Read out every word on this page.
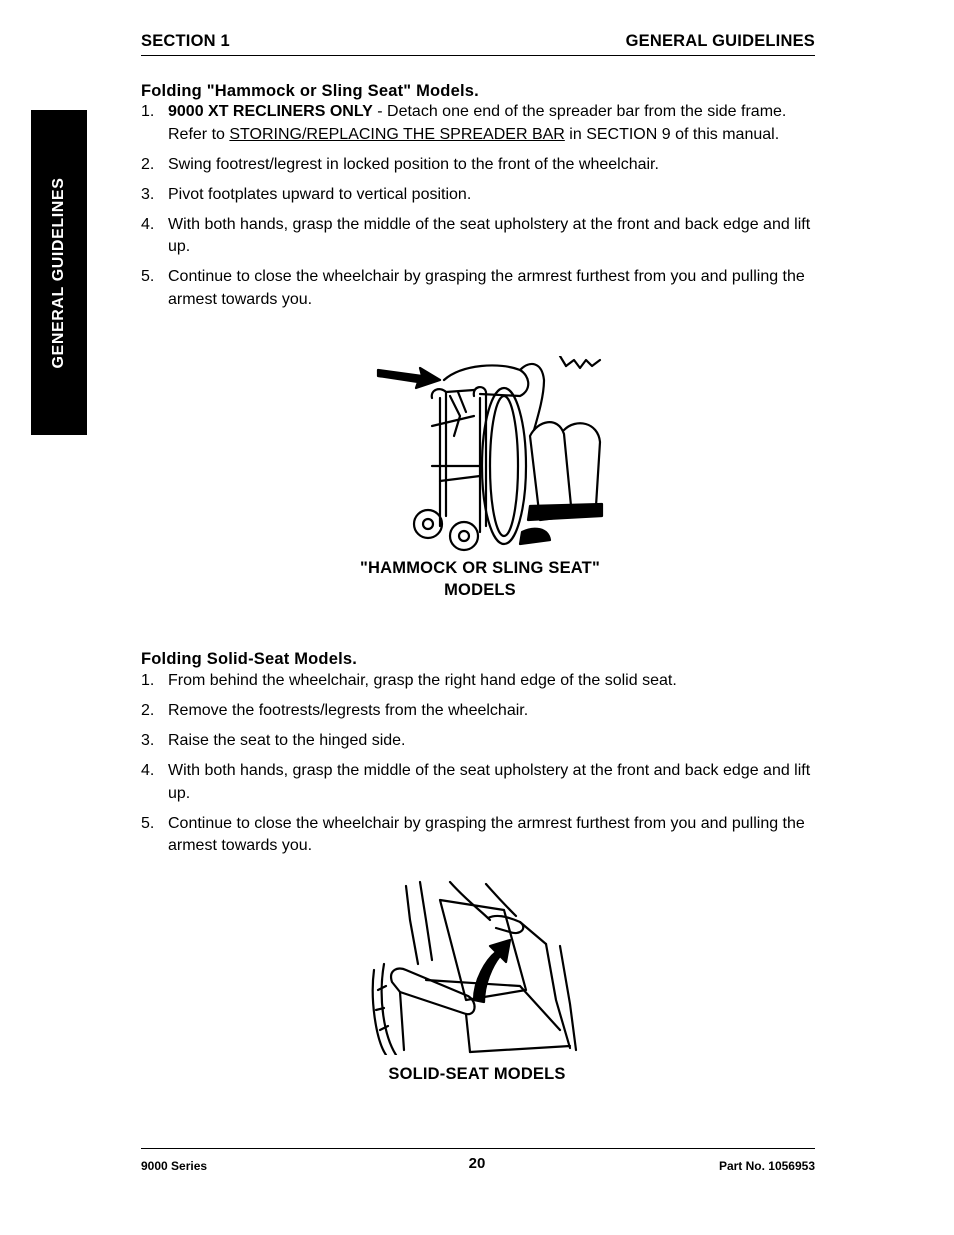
SECTION 1	GENERAL GUIDELINES
GENERAL GUIDELINES
Folding "Hammock or Sling Seat" Models.
1. 9000 XT RECLINERS ONLY - Detach one end of the spreader bar from the side frame. Refer to STORING/REPLACING THE SPREADER BAR in SECTION 9 of this manual.
2. Swing footrest/legrest in locked position to the front of the wheelchair.
3. Pivot footplates upward to vertical position.
4. With both hands, grasp the middle of the seat upholstery at the front and back edge and lift up.
5. Continue to close the wheelchair by grasping the armrest furthest from you and pulling the armest towards you.
"HAMMOCK OR SLING SEAT"
MODELS
Folding Solid-Seat Models.
1. From behind the wheelchair, grasp the right hand edge of the solid seat.
2. Remove the footrests/legrests from the wheelchair.
3. Raise the seat to the hinged side.
4. With both hands, grasp the middle of the seat upholstery at the front and back edge and lift up.
5. Continue to close the wheelchair by grasping the armrest furthest from you and pulling the armest towards you.
SOLID-SEAT MODELS
9000 Series	20	Part No. 1056953
